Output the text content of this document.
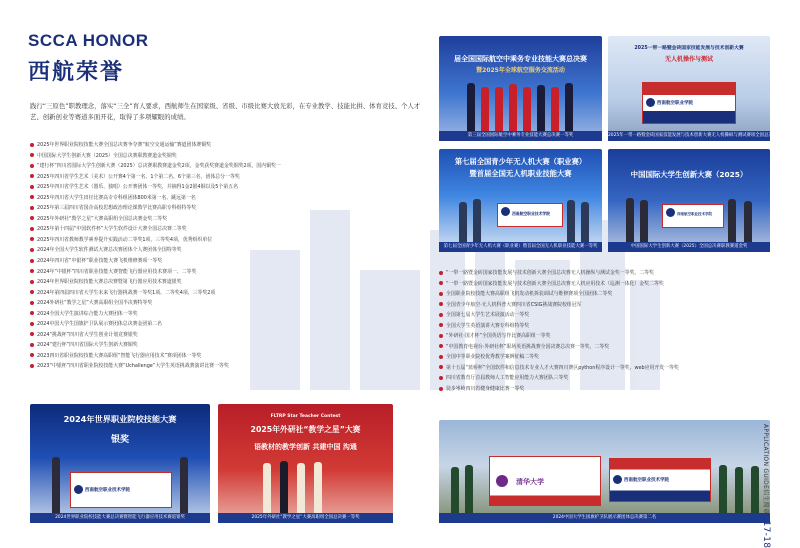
SCCA HONOR
西航荣誉
践行“三原色”职教理念，落实“三全”育人要求，西航师生在国家级、省级、市级比赛大放光彩，在专业教学、技能比拼、体育竞技、个人才艺、创新创业等赛道多面开花，取得了多项耀眼的成绩。
2025年世界职业院校技能大赛全国总决赛争夺赛“航空交通运输”赛道团体赛铜奖
中国国际大学生创新大赛（2025）全国总决赛职教赛道金奖铜奖
“建行杯”四川省国际大学生创新大赛（2025）总决赛职教赛道金奖2项，金奖获奖赛道金奖铜奖2项，国内铜奖一
2025年四川省学生艺术（美术）公开赛4个第一名、1个第二名、6个第三名，团体总分一等奖
2025年四川省学生艺术（器乐、独唱）公开赛团体一等奖，并摘得1金2银4铜以及5个第五名
2025年四川省大学生田径比赛高专专科组团体800米第一名、跳远第一名
2025年第三届四川省国企高校思想政治理论课教学比赛高职专科组特等奖
2025年外研社“教学之星”大赛高职组全国总决赛金奖二等奖
2025年第十四届“中国软件杯”大学生软件设计大赛全国总决赛二等奖
2025年四川省教师教学素养提升实践活动二等奖1项，三等奖4项，优秀组织单位
2024年全国大学生软件测试大赛总决赛团体个人赛团体全国特等奖
2024年四川省“中银杯”职业技能大赛飞机维修赛项一等奖
2024年“中银杯”四川省职业技能大赛智能飞行器应用技术赛项一、二等奖
2024年世界职业院校技能大赛总决赛暨第飞行器应用技术赛道银奖
2024年第四届四川省大学生未来飞行器挑战赛一等奖1项、二等奖4项、三等奖2项
2024外研社“教学之星”大赛高职组全国半决赛特等奖
2024全国大学生演讲综合能力大赛团体一等奖
2024中国大学生国旗护卫队展示赛团体总决赛金团第二名
2024“挑战杯”四川省大学生创业计划竞赛银奖
2024“建行杯”四川省国际大学生创新大赛铜奖
2023四川省职业院校技能大赛高职组“智能飞行器应用技术”赛项团体一等奖
2023“中银杯”四川省职业院校技能大赛“Uchallenge”大学生英语挑战赛演讲比赛一等奖
“一带一路暨金砖国家技能发展与技术创新大赛全国总决赛无人机操纵与测试金奖一等奖、二等奖
“一带一路暨金砖国家技能发展与技术创新大赛全国总决赛无人机应用技术（巡测一体化）金奖二等奖
全国职业院校技能大赛高职组飞机发动机拆装调试与维修赛项全国团体二等奖
全国青少年航空·无人机科普大赛四川省CSIG挑战赛院校组冠军
全国第七届大学生艺术展演活动一等奖
全国大学生英语演讲大赛专科组特等奖
“外研社·国才杯”全国英语写作比赛高职组一等奖
“中国教育电视台·外研社杯”职场英语挑战赛全国决赛总决赛一等奖、二等奖
全国中等职业院校优秀教学案例征稿二等奖
第十五届“蓝桥杯”全国软件和信息技术专业人才大赛四川赛区python程序设计一等奖、web应用开发一等奖
四川省教育厅首届教师人工智能应用能力大赛团队三等奖
徒步岑岭四川省健身健康比赛一等奖
届全国国际航空中乘务专业技能大赛总决赛
暨2025年全球航空服务交流活动
第三届全国国际航空中乘务专业技能大赛总决赛一等奖
2025一带一路暨金砖国家技能发展与技术创新大赛
无人机操作与测试
西南航空职业学院
2025年一带一路暨金砖国家技能发展与技术创新大赛无人机操纵与测试赛项全国总决赛一等奖
第七届全国青少年无人机大赛（职业赛）
暨首届全国无人机职业技能大赛
西南航空职业技术学院
第七届全国青少年无人机大赛（职业赛）暨首届全国无人机职业技能大赛一等奖
中国国际大学生创新大赛（2025）
西南航空职业技术学院
中国国际大学生创新大赛（2025）全国总决赛职教赛道金奖
2024年世界职业院校技能大赛
银奖
西南航空职业技术学院
2024世界职业院校技能大赛总决赛暨智能飞行器应用技术赛道银奖
FLTRP Star Teacher Contest
2025年外研社“教学之星”大赛
语教材的教学创新 共建中国 沟通
2025年外研社“教学之星”大赛高职组全国总决赛一等奖
清华大学	西南航空职业技术学院
2024中国大学生国旗护卫队展示赛团体总决赛第二名
APPLICATION GUIDE招生简章 17-18
